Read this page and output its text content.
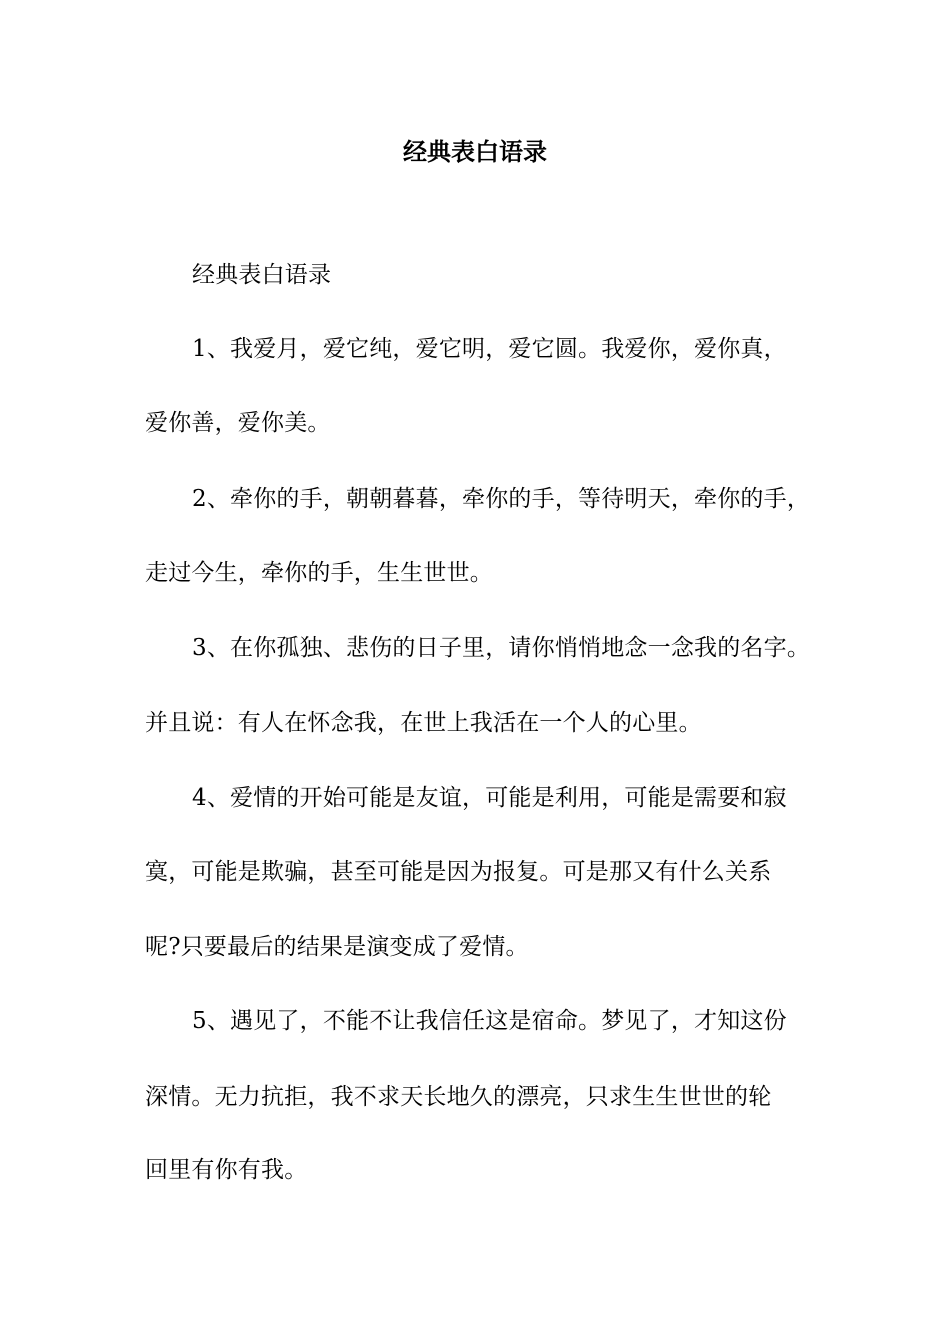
经典表白语录
经典表白语录
1、我爱月，爱它纯，爱它明，爱它圆。我爱你，爱你真，
爱你善，爱你美。
2、牵你的手，朝朝暮暮，牵你的手，等待明天，牵你的手，
走过今生，牵你的手，生生世世。
3、在你孤独、悲伤的日子里，请你悄悄地念一念我的名字。
并且说：有人在怀念我，在世上我活在一个人的心里。
4、爱情的开始可能是友谊，可能是利用，可能是需要和寂
寞，可能是欺骗，甚至可能是因为报复。可是那又有什么关系
呢?只要最后的结果是演变成了爱情。
5、遇见了，不能不让我信任这是宿命。梦见了，才知这份
深情。无力抗拒，我不求天长地久的漂亮，只求生生世世的轮
回里有你有我。
